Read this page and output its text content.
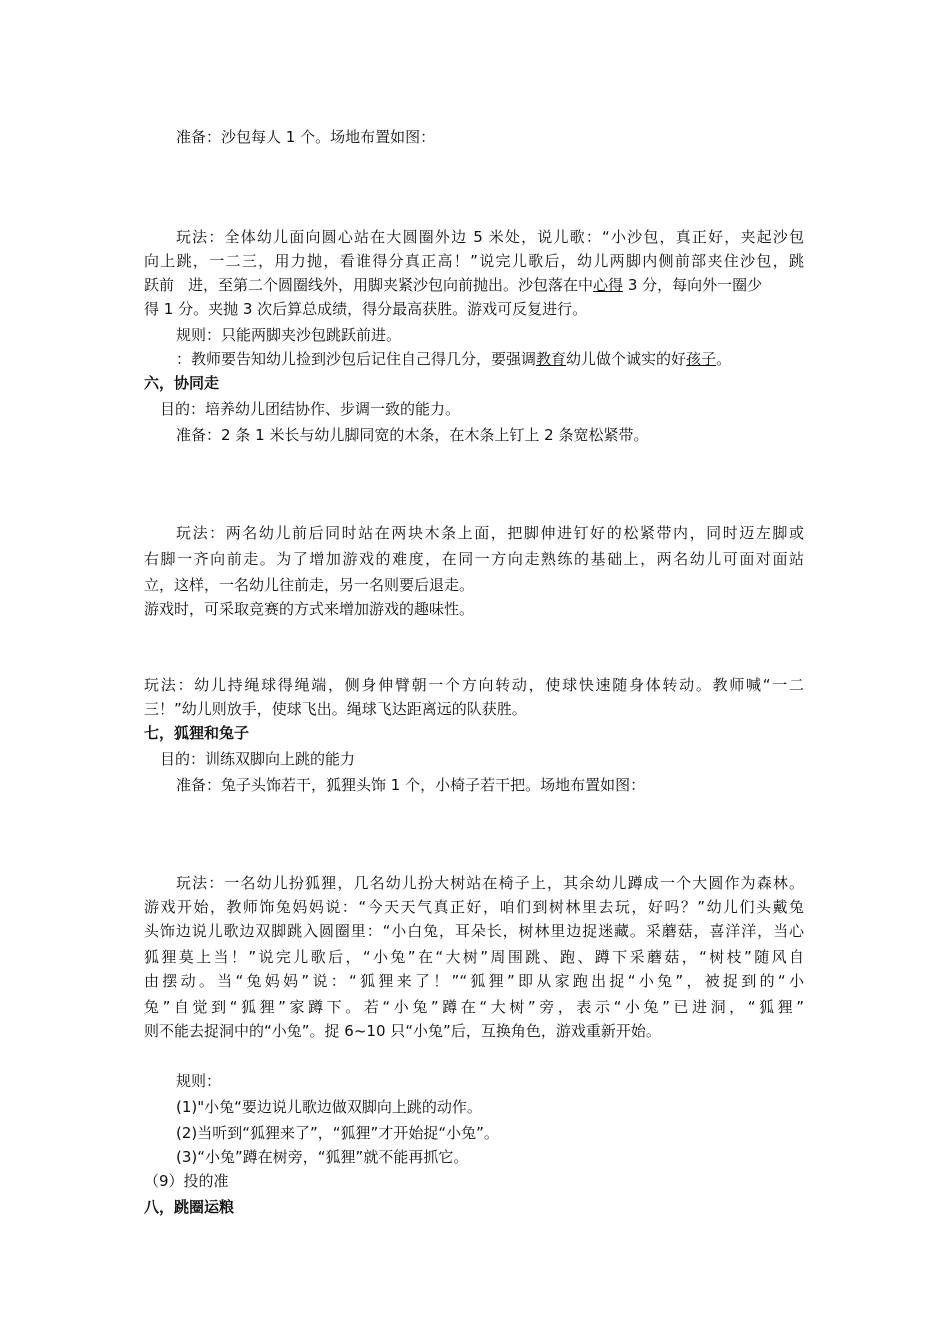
准备：沙包每人 1 个。场地布置如图：
玩法：全体幼儿面向圆心站在大圆圈外边 5 米处，说儿歌：“小沙包，真正好，夹起沙包
向上跳，一二三，用力抛，看谁得分真正高！”说完儿歌后，幼儿两脚内侧前部夹住沙包，跳
跃前 进，至第二个圆圈线外，用脚夹紧沙包向前抛出。沙包落在中心得 3 分，每向外一圈少
得 1 分。夹抛 3 次后算总成绩，得分最高获胜。游戏可反复进行。
规则：只能两脚夹沙包跳跃前进。
：教师要告知幼儿捡到沙包后记住自己得几分，要强调教育幼儿做个诚实的好孩子。
六，协同走
目的：培养幼儿团结协作、步调一致的能力。
准备：2 条 1 米长与幼儿脚同宽的木条，在木条上钉上 2 条宽松紧带。
玩法：两名幼儿前后同时站在两块木条上面，把脚伸进钉好的松紧带内，同时迈左脚或
右脚一齐向前走。为了增加游戏的难度，在同一方向走熟练的基础上，两名幼儿可面对面站
立，这样，一名幼儿往前走，另一名则要后退走。
游戏时，可采取竞赛的方式来增加游戏的趣味性。
玩法：幼儿持绳球得绳端，侧身伸臂朝一个方向转动，使球快速随身体转动。教师喊“一二
三！”幼儿则放手，使球飞出。绳球飞达距离远的队获胜。
七，狐狸和兔子
目的：训练双脚向上跳的能力
准备：兔子头饰若干，狐狸头饰 1 个，小椅子若干把。场地布置如图：
玩法：一名幼儿扮狐狸，几名幼儿扮大树站在椅子上，其余幼儿蹲成一个大圆作为森林。
游戏开始，教师饰兔妈妈说：“今天天气真正好，咱们到树林里去玩，好吗？”幼儿们头戴兔
头饰边说儿歌边双脚跳入圆圈里：“小白兔，耳朵长，树林里边捉迷藏。采蘑菇，喜洋洋，当心
狐狸莫上当！”说完儿歌后，“小兔”在“大树”周围跳、跑、蹲下采蘑菇，“树枝”随风自
由摆动。当“兔妈妈”说：“狐狸来了！”“狐狸”即从家跑出捉“小兔”，被捉到的“小
兔”自觉到“狐狸”家蹲下。若“小兔”蹲在“大树”旁，表示“小兔”已进洞，“狐狸”
则不能去捉洞中的“小兔”。捉 6~10 只“小兔”后，互换角色，游戏重新开始。
规则：
(1)"小兔“要边说儿歌边做双脚向上跳的动作。
(2)当听到“狐狸来了”，“狐狸”才开始捉“小兔”。
(3)“小兔”蹲在树旁，“狐狸”就不能再抓它。
（9）投的准
八，跳圈运粮
